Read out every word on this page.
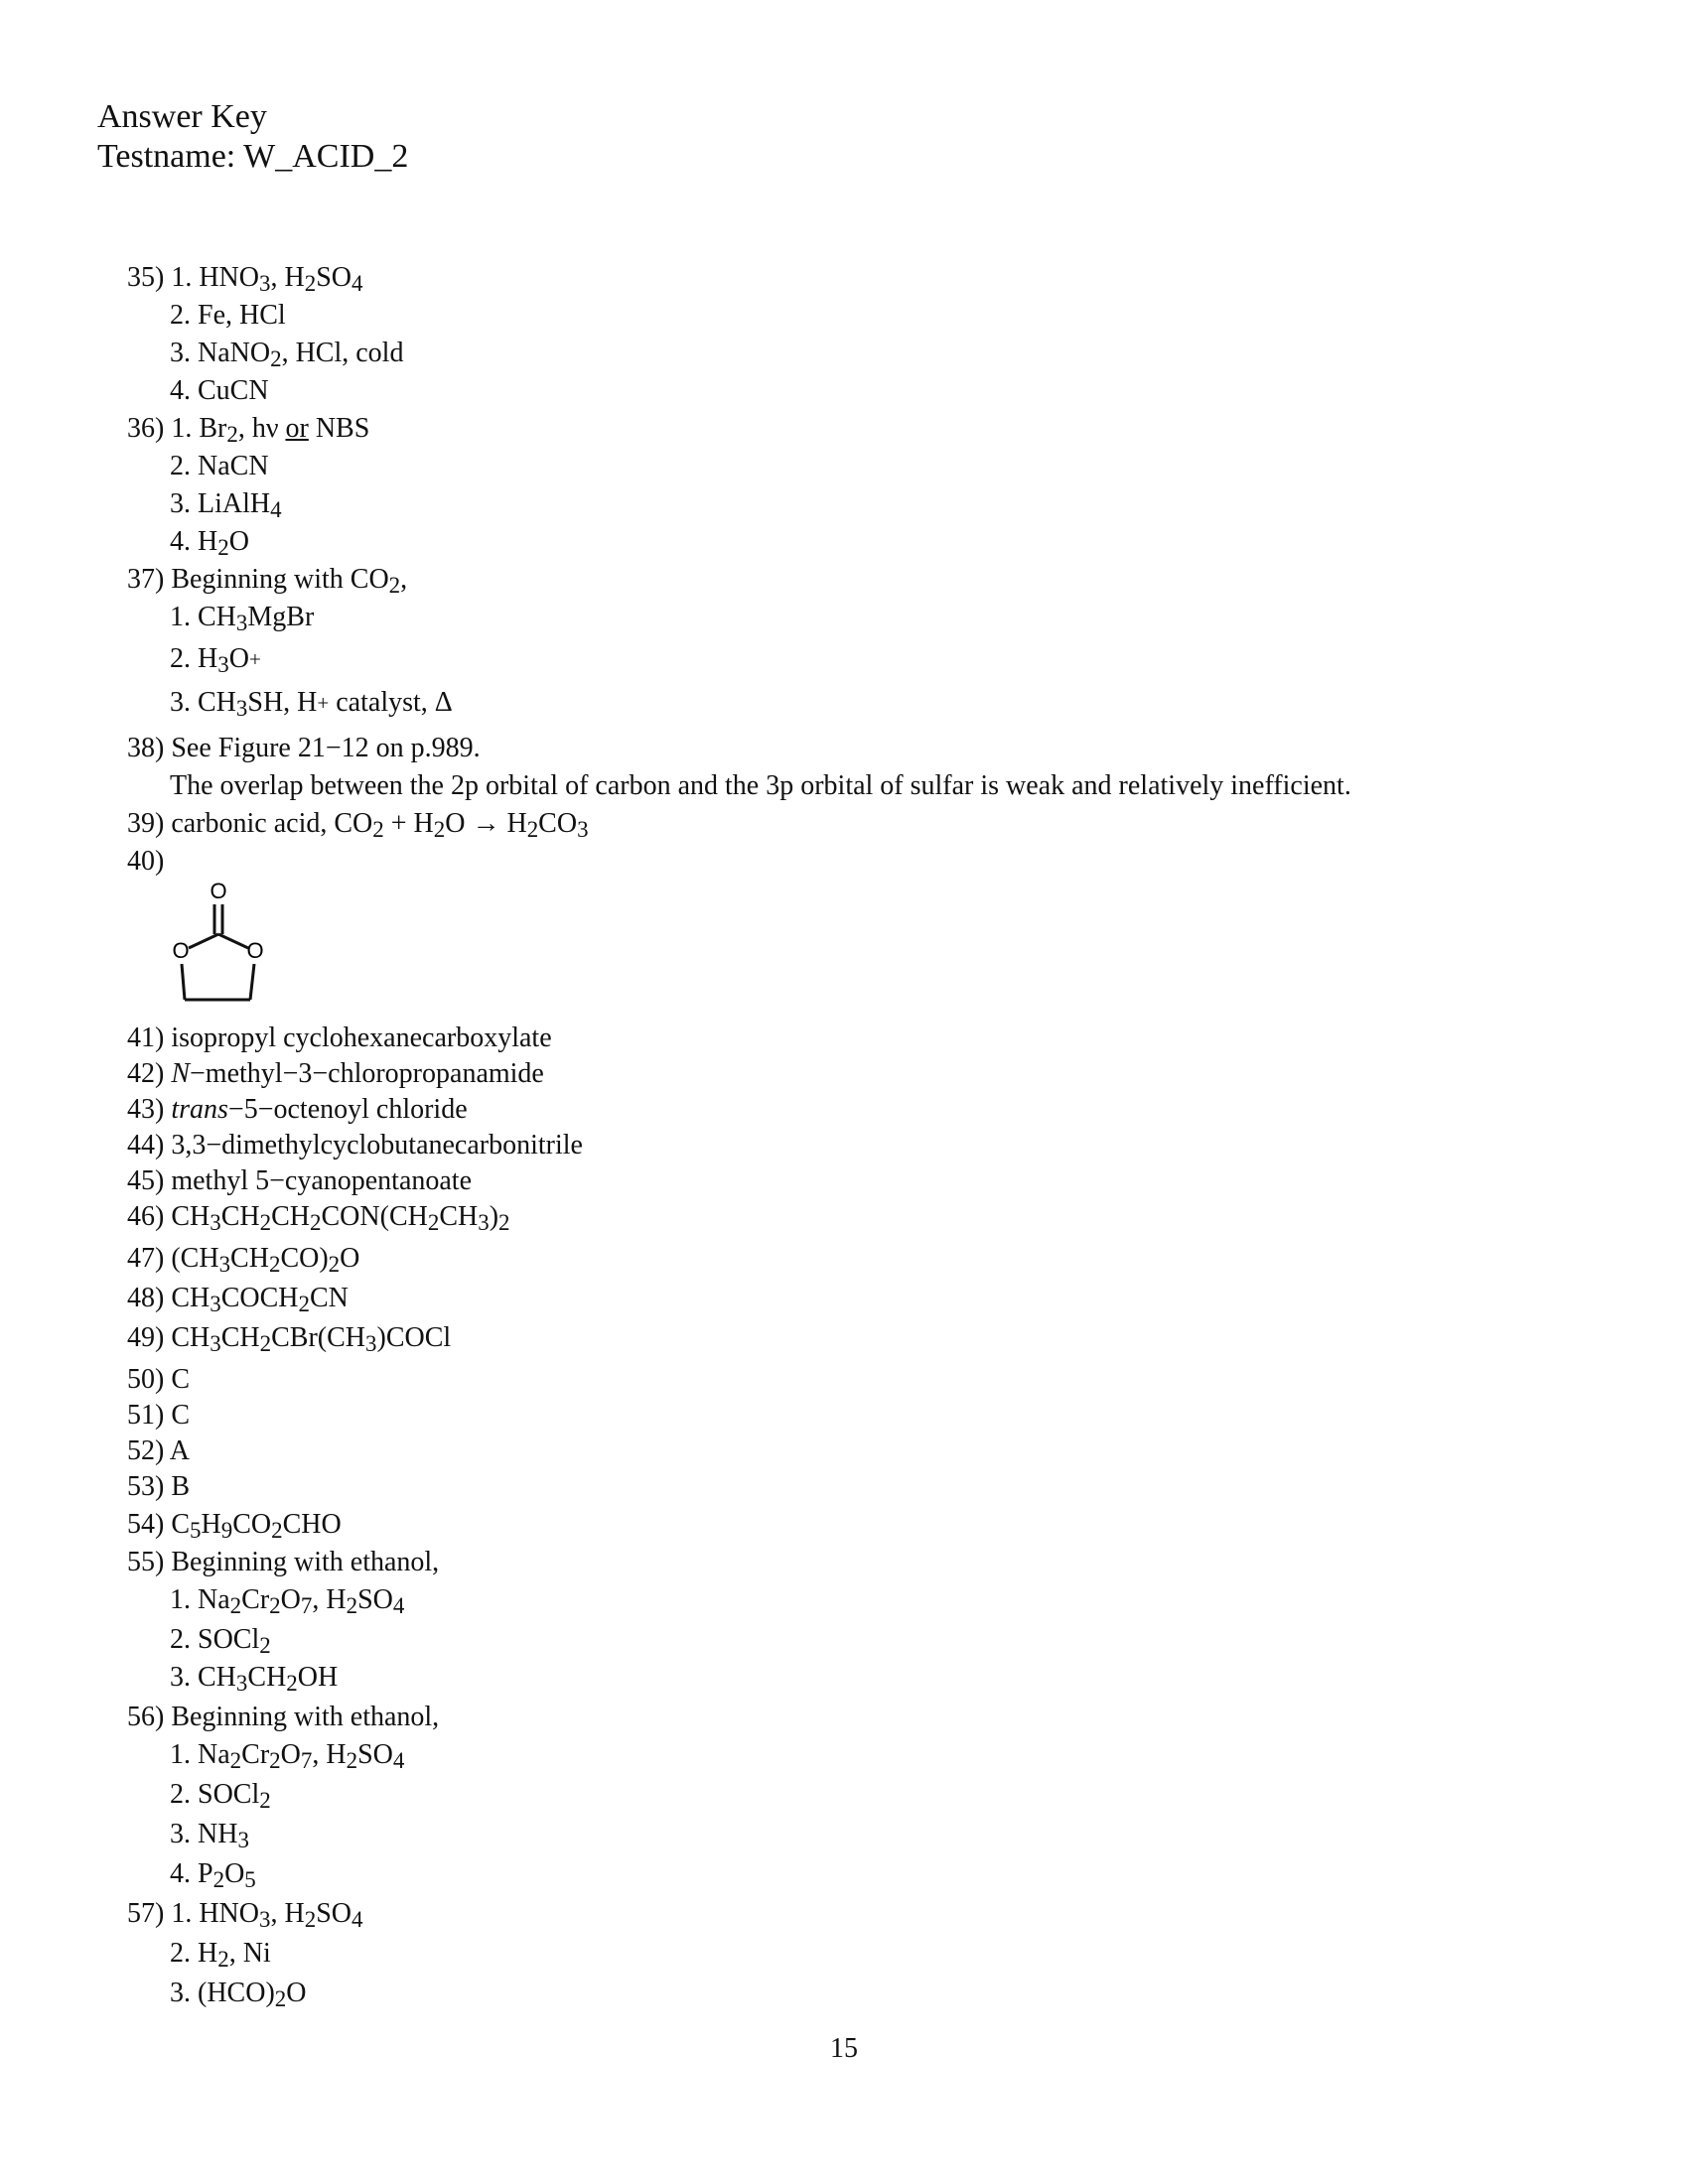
Answer Key
Testname: W_ACID_2
35) 1. HNO3, H2SO4
2. Fe, HCl
3. NaNO2, HCl, cold
4. CuCN
36) 1. Br2, hν or NBS
2. NaCN
3. LiAlH4
4. H2O
37) Beginning with CO2,
1. CH3MgBr
2. H3O+
3. CH3SH, H+ catalyst, Δ
38) See Figure 21−12 on p.989.
The overlap between the 2p orbital of carbon and the 3p orbital of sulfar is weak and relatively inefficient.
39) carbonic acid, CO2 + H2O → H2CO3
40)
41) isopropyl cyclohexanecarboxylate
42) N−methyl−3−chloropropanamide
43) trans−5−octenoyl chloride
44) 3,3−dimethylcyclobutanecarbonitrile
45) methyl 5−cyanopentanoate
46) CH3CH2CH2CON(CH2CH3)2
47) (CH3CH2CO)2O
48) CH3COCH2CN
49) CH3CH2CBr(CH3)COCl
50) C
51) C
52) A
53) B
54) C5H9CO2CHO
55) Beginning with ethanol,
1. Na2Cr2O7, H2SO4
2. SOCl2
3. CH3CH2OH
56) Beginning with ethanol,
1. Na2Cr2O7, H2SO4
2. SOCl2
3. NH3
4. P2O5
57) 1. HNO3, H2SO4
2. H2, Ni
3. (HCO)2O
O
O	O
15
